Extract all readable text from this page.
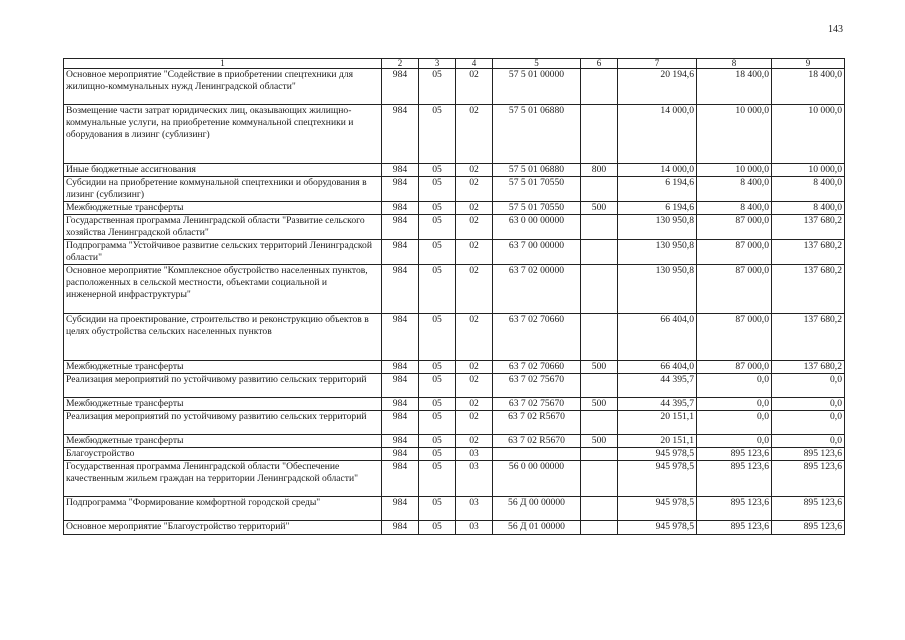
143
1	2	3	4	5	6	7	8	9
Основное мероприятие "Содействие в приобретении спецтехники для жилищно-коммунальных нужд Ленинградской области"	984	05	02	57 5 01 00000		20 194,6	18 400,0	18 400,0
Возмещение части затрат юридических лиц, оказывающих жилищно-коммунальные услуги, на приобретение коммунальной спецтехники и оборудования в лизинг (сублизинг)	984	05	02	57 5 01 06880		14 000,0	10 000,0	10 000,0
Иные бюджетные ассигнования	984	05	02	57 5 01 06880	800	14 000,0	10 000,0	10 000,0
Субсидии на приобретение коммунальной спецтехники и оборудования в лизинг (сублизинг)	984	05	02	57 5 01 70550		6 194,6	8 400,0	8 400,0
Межбюджетные трансферты	984	05	02	57 5 01 70550	500	6 194,6	8 400,0	8 400,0
Государственная программа Ленинградской области "Развитие сельского хозяйства Ленинградской области"	984	05	02	63 0 00 00000		130 950,8	87 000,0	137 680,2
Подпрограмма "Устойчивое развитие сельских территорий Ленинградской области"	984	05	02	63 7 00 00000		130 950,8	87 000,0	137 680,2
Основное мероприятие "Комплексное обустройство населенных пунктов, расположенных в сельской местности, объектами социальной и инженерной инфраструктуры"	984	05	02	63 7 02 00000		130 950,8	87 000,0	137 680,2
Субсидии на проектирование, строительство и реконструкцию объектов в целях обустройства сельских населенных пунктов	984	05	02	63 7 02 70660		66 404,0	87 000,0	137 680,2
Межбюджетные трансферты	984	05	02	63 7 02 70660	500	66 404,0	87 000,0	137 680,2
Реализация мероприятий по устойчивому развитию сельских территорий	984	05	02	63 7 02 75670		44 395,7	0,0	0,0
Межбюджетные трансферты	984	05	02	63 7 02 75670	500	44 395,7	0,0	0,0
Реализация мероприятий по устойчивому развитию сельских территорий	984	05	02	63 7 02 R5670		20 151,1	0,0	0,0
Межбюджетные трансферты	984	05	02	63 7 02 R5670	500	20 151,1	0,0	0,0
Благоустройство	984	05	03			945 978,5	895 123,6	895 123,6
Государственная программа Ленинградской области "Обеспечение качественным жильем граждан на территории Ленинградской области"	984	05	03	56 0 00 00000		945 978,5	895 123,6	895 123,6
Подпрограмма "Формирование комфортной городской среды"	984	05	03	56 Д 00 00000		945 978,5	895 123,6	895 123,6
Основное мероприятие "Благоустройство территорий"	984	05	03	56 Д 01 00000		945 978,5	895 123,6	895 123,6
